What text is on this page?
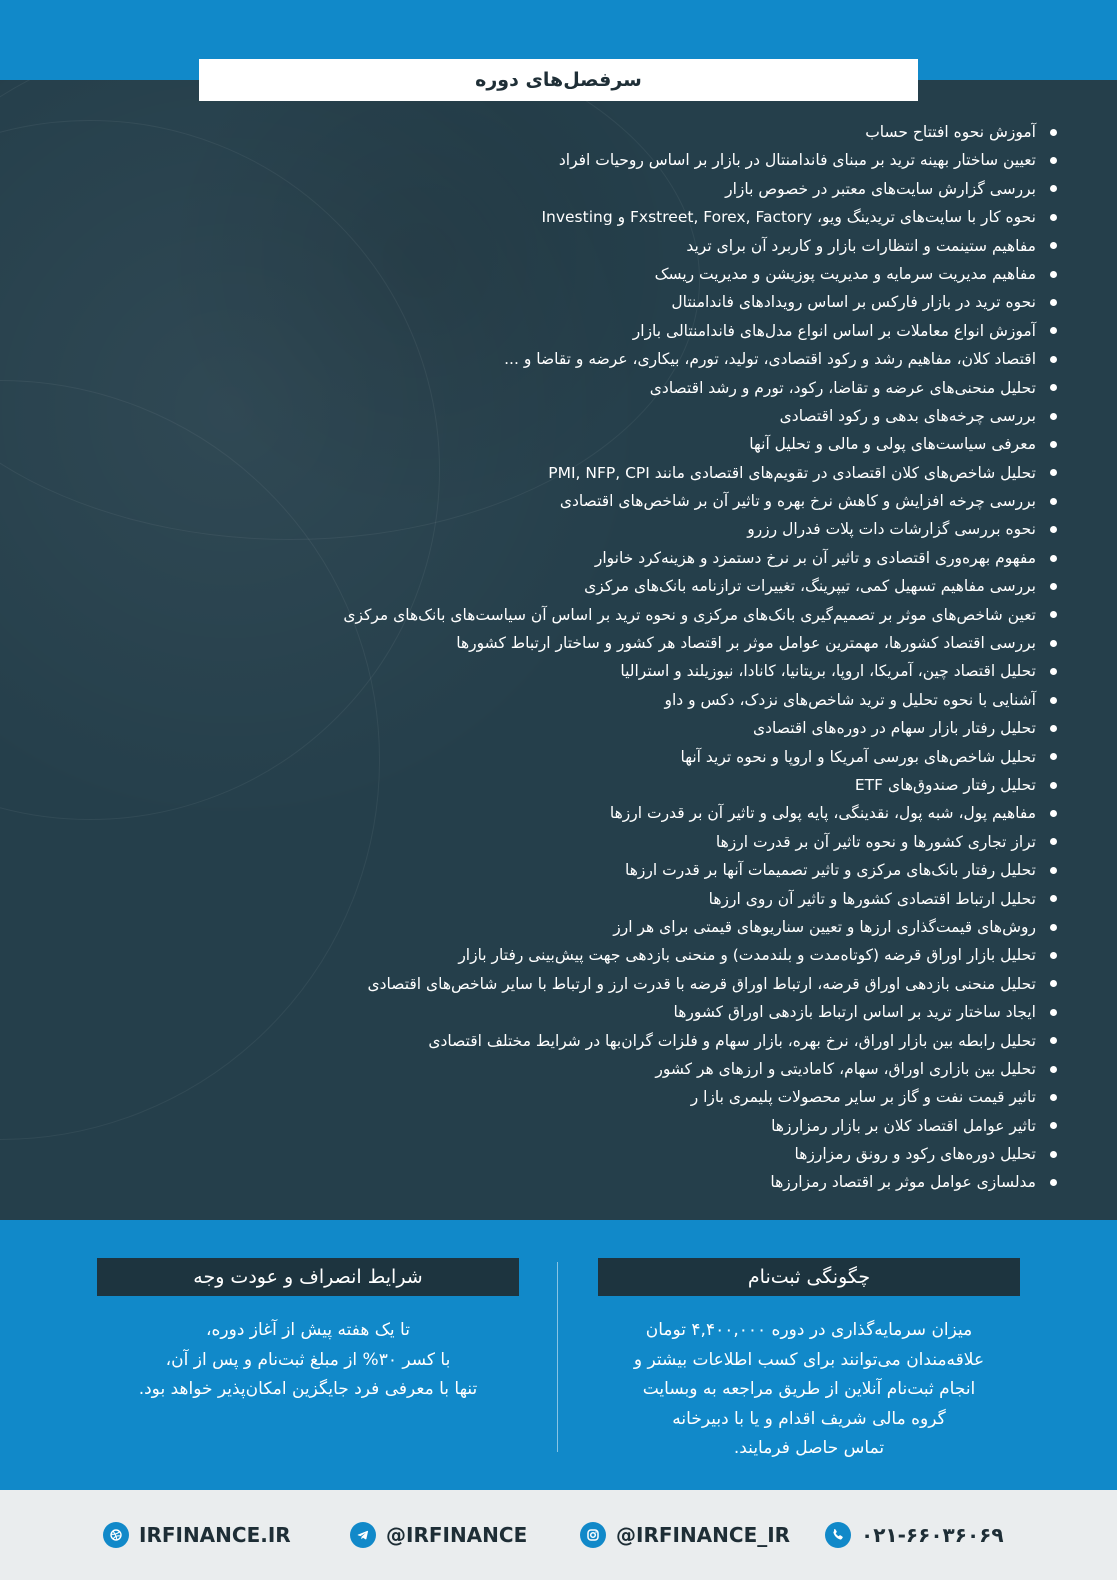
سرفصل‌های دوره
آموزش نحوه افتتاح حساب
تعیین ساختار بهینه ترید بر مبنای فاندامنتال در بازار بر اساس روحیات افراد
بررسی گزارش سایت‌های معتبر در خصوص بازار
نحوه کار با سایت‌های تریدینگ ویو، Fxstreet, Forex, Factory و Investing
مفاهیم ستینمت و انتظارات بازار و کاربرد آن برای ترید
مفاهیم مدیریت سرمایه و مدیریت پوزیشن و مدیریت ریسک
نحوه ترید در بازار فارکس بر اساس رویدادهای فاندامنتال
آموزش انواع معاملات بر اساس انواع مدل‌های فاندامنتالی بازار
اقتصاد کلان، مفاهیم رشد و رکود اقتصادی، تولید، تورم، بیکاری، عرضه و تقاضا و ...
تحلیل منحنی‌های عرضه و تقاضا، رکود، تورم و رشد اقتصادی
بررسی چرخه‌های بدهی و رکود اقتصادی
معرفی سیاست‌های پولی و مالی و تحلیل آنها
تحلیل شاخص‌های کلان اقتصادی در تقویم‌های اقتصادی مانند PMI, NFP, CPI
بررسی چرخه افزایش و کاهش نرخ بهره و تاثیر آن بر شاخص‌های اقتصادی
نحوه بررسی گزارشات دات پلات فدرال رزرو
مفهوم بهره‌وری اقتصادی و تاثیر آن بر نرخ دستمزد و هزینه‌کرد خانوار
بررسی مفاهیم تسهیل کمی، تیپرینگ، تغییرات ترازنامه بانک‌های مرکزی
تعین شاخص‌های موثر بر تصمیم‌گیری بانک‌های مرکزی و نحوه ترید بر اساس آن سیاست‌های بانک‌های مرکزی
بررسی اقتصاد کشورها، مهمترین عوامل موثر بر اقتصاد هر کشور و ساختار ارتباط کشورها
تحلیل اقتصاد چین، آمریکا، اروپا، بریتانیا، کانادا، نیوزیلند و استرالیا
آشنایی با نحوه تحلیل و ترید شاخص‌های نزدک، دکس و داو
تحلیل رفتار بازار سهام در دوره‌های اقتصادی
تحلیل شاخص‌های بورسی آمریکا و اروپا و نحوه ترید آنها
تحلیل رفتار صندوق‌های ETF
مفاهیم پول، شبه پول، نقدینگی، پایه پولی و تاثیر آن بر قدرت ارزها
تراز تجاری کشورها و نحوه تاثیر آن بر قدرت ارزها
تحلیل رفتار بانک‌های مرکزی و تاثیر تصمیمات آنها بر قدرت ارزها
تحلیل ارتباط اقتصادی کشورها و تاثیر آن روی ارزها
روش‌های قیمت‌گذاری ارزها و تعیین سناریوهای قیمتی برای هر ارز
تحلیل بازار اوراق قرضه (کوتاه‌مدت و بلندمدت) و منحنی بازدهی جهت پیش‌بینی رفتار بازار
تحلیل منحنی بازدهی اوراق قرضه، ارتباط اوراق قرضه با قدرت ارز و ارتباط با سایر شاخص‌های اقتصادی
ایجاد ساختار ترید بر اساس ارتباط بازدهی اوراق کشورها
تحلیل رابطه بین بازار اوراق، نرخ بهره، بازار سهام و فلزات گران‌بها در شرایط مختلف اقتصادی
تحلیل بین بازاری اوراق، سهام، کامادیتی و ارزهای هر کشور
تاثیر قیمت نفت و گاز بر سایر محصولات پلیمری بازا ر
تاثیر عوامل اقتصاد کلان بر بازار رمزارزها
تحلیل دوره‌های رکود و رونق رمزارزها
مدلسازی عوامل موثر بر اقتصاد رمزارزها
چگونگی ثبت‌نام
میزان سرمایه‌گذاری در دوره ۴,۴۰۰,۰۰۰ تومان
علاقه‌مندان می‌توانند برای کسب اطلاعات بیشتر و
انجام ثبت‌نام آنلاین از طریق مراجعه به وبسایت
گروه مالی شریف اقدام و یا با دبیرخانه
تماس حاصل فرمایند.
شرایط انصراف و عودت وجه
تا یک هفته پیش از آغاز دوره،
با کسر ۳۰% از مبلغ ثبت‌نام و پس از آن،
تنها با معرفی فرد جایگزین امکان‌پذیر خواهد بود.
۰۲۱-۶۶۰۳۶۰۶۹
@IRFINANCE_IR
@IRFINANCE
IRFINANCE.IR
